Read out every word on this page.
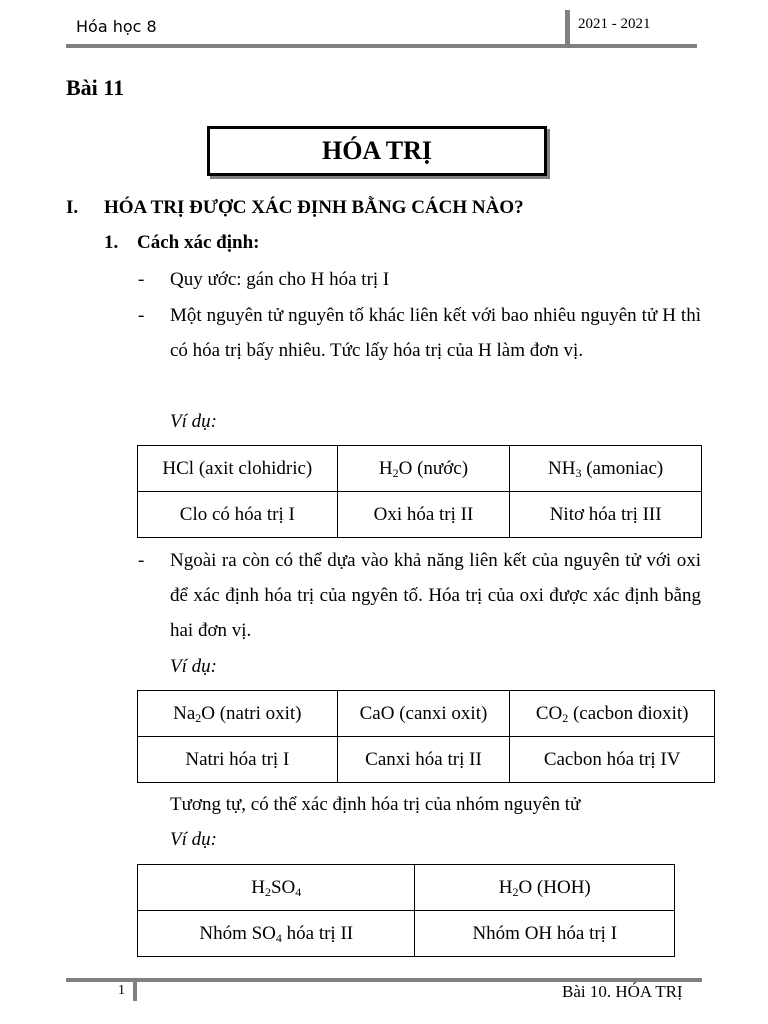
Hóa học 8	2021 - 2021
Bài 11
HÓA TRỊ
I. HÓA TRỊ ĐƯỢC XÁC ĐỊNH BẰNG CÁCH NÀO?
1. Cách xác định:
- Quy ước: gán cho H hóa trị I
- Một nguyên tử nguyên tố khác liên kết với bao nhiêu nguyên tử H thì có hóa trị bấy nhiêu. Tức lấy hóa trị của H làm đơn vị.
Ví dụ:
HCl (axit clohidric)	$H_2O$ (nước)	$NH_3$ (amoniac)
Clo có hóa trị I	Oxi hóa trị II	Nitơ hóa trị III
- Ngoài ra còn có thể dựa vào khả năng liên kết của nguyên tử với oxi để xác định hóa trị của ngyên tố. Hóa trị của oxi được xác định bằng hai đơn vị.
Ví dụ:
$Na_2O$ (natri oxit)	CaO (canxi oxit)	$CO_2$ (cacbon đioxit)
Natri hóa trị I	Canxi hóa trị II	Cacbon hóa trị IV
Tương tự, có thể xác định hóa trị của nhóm nguyên tử
Ví dụ:
$H_2SO_4$	$H_2O$ (HOH)
Nhóm $SO_4$ hóa trị II	Nhóm OH hóa trị I
1	Bài 10. HÓA TRỊ
